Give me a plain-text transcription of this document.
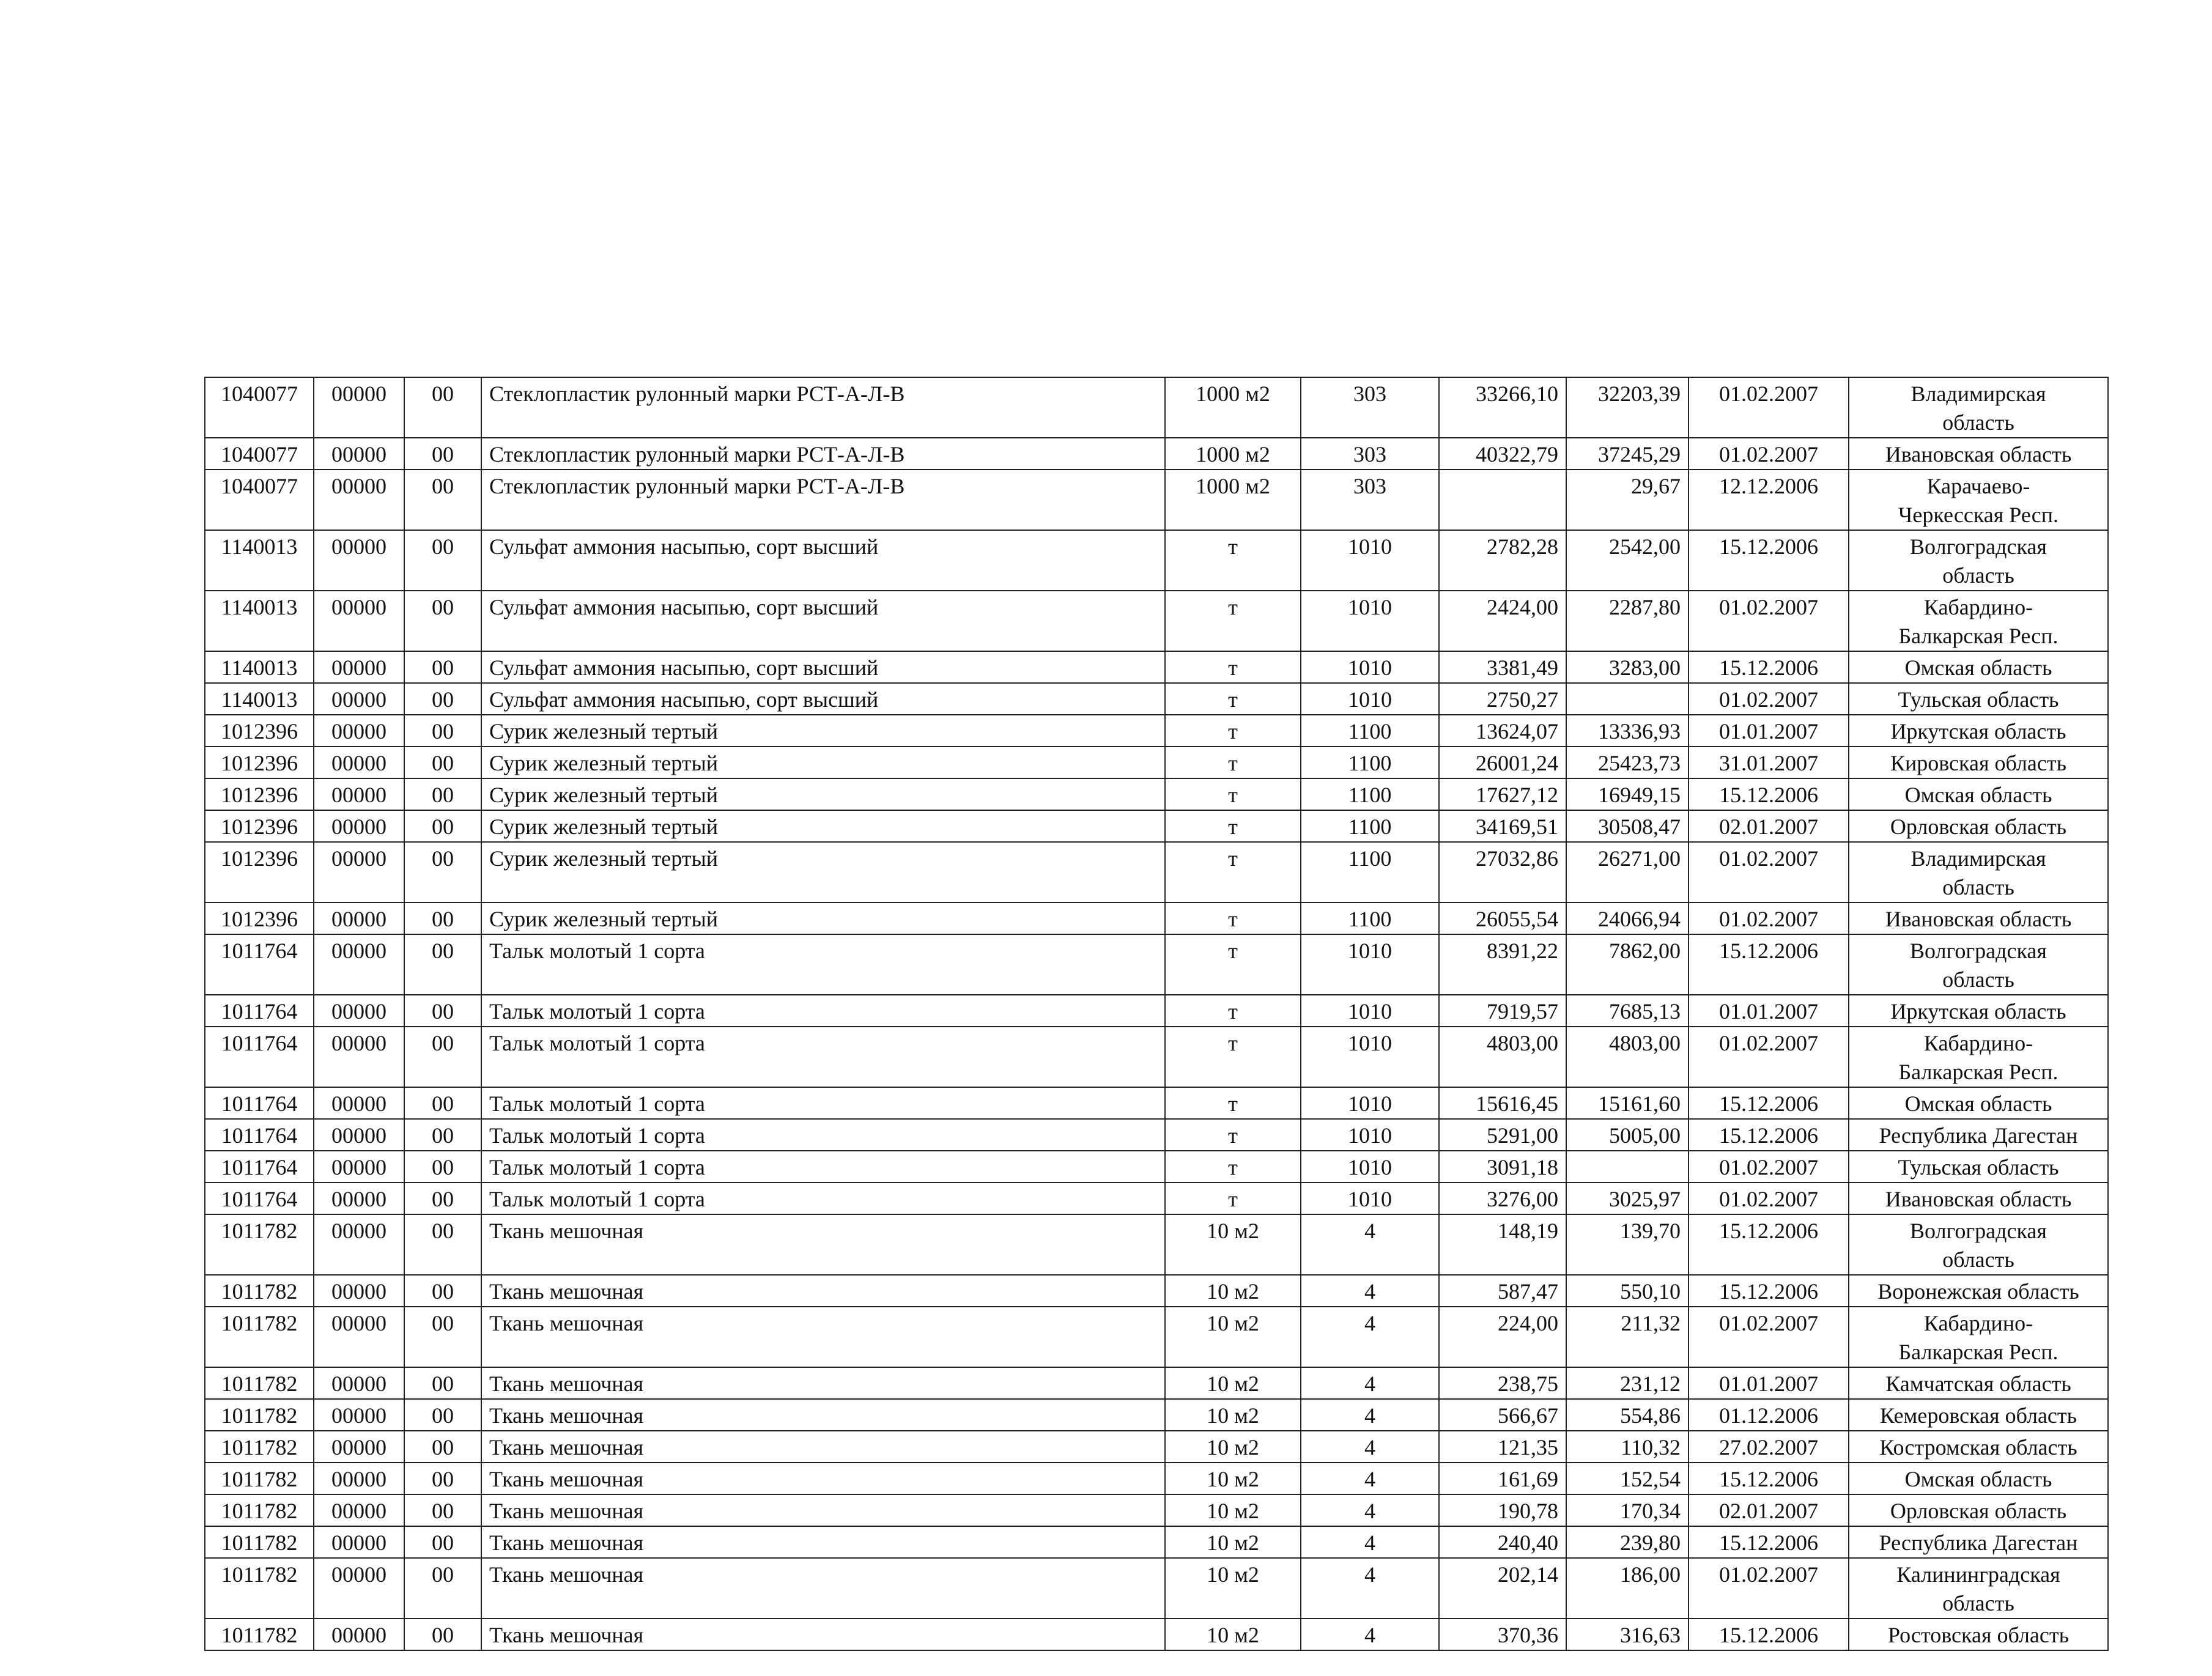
1040077	00000	00	Стеклопластик рулонный марки РСТ-А-Л-В	1000 м2	303	33266,10	32203,39	01.02.2007	Владимирская
область

1040077	00000	00	Стеклопластик рулонный марки РСТ-А-Л-В	1000 м2	303	40322,79	37245,29	01.02.2007	Ивановская область

1040077	00000	00	Стеклопластик рулонный марки РСТ-А-Л-В	1000 м2	303		29,67	12.12.2006	Карачаево-
Черкесская Респ.

1140013	00000	00	Сульфат аммония насыпью, сорт высший	т	1010	2782,28	2542,00	15.12.2006	Волгоградская
область

1140013	00000	00	Сульфат аммония насыпью, сорт высший	т	1010	2424,00	2287,80	01.02.2007	Кабардино-
Балкарская Респ.

1140013	00000	00	Сульфат аммония насыпью, сорт высший	т	1010	3381,49	3283,00	15.12.2006	Омская область

1140013	00000	00	Сульфат аммония насыпью, сорт высший	т	1010	2750,27		01.02.2007	Тульская область

1012396	00000	00	Сурик железный тертый	т	1100	13624,07	13336,93	01.01.2007	Иркутская область

1012396	00000	00	Сурик железный тертый	т	1100	26001,24	25423,73	31.01.2007	Кировская область

1012396	00000	00	Сурик железный тертый	т	1100	17627,12	16949,15	15.12.2006	Омская область

1012396	00000	00	Сурик железный тертый	т	1100	34169,51	30508,47	02.01.2007	Орловская область

1012396	00000	00	Сурик железный тертый	т	1100	27032,86	26271,00	01.02.2007	Владимирская
область

1012396	00000	00	Сурик железный тертый	т	1100	26055,54	24066,94	01.02.2007	Ивановская область

1011764	00000	00	Тальк молотый 1 сорта	т	1010	8391,22	7862,00	15.12.2006	Волгоградская
область

1011764	00000	00	Тальк молотый 1 сорта	т	1010	7919,57	7685,13	01.01.2007	Иркутская область

1011764	00000	00	Тальк молотый 1 сорта	т	1010	4803,00	4803,00	01.02.2007	Кабардино-
Балкарская Респ.

1011764	00000	00	Тальк молотый 1 сорта	т	1010	15616,45	15161,60	15.12.2006	Омская область

1011764	00000	00	Тальк молотый 1 сорта	т	1010	5291,00	5005,00	15.12.2006	Республика Дагестан

1011764	00000	00	Тальк молотый 1 сорта	т	1010	3091,18		01.02.2007	Тульская область

1011764	00000	00	Тальк молотый 1 сорта	т	1010	3276,00	3025,97	01.02.2007	Ивановская область

1011782	00000	00	Ткань мешочная	10 м2	4	148,19	139,70	15.12.2006	Волгоградская
область

1011782	00000	00	Ткань мешочная	10 м2	4	587,47	550,10	15.12.2006	Воронежская область

1011782	00000	00	Ткань мешочная	10 м2	4	224,00	211,32	01.02.2007	Кабардино-
Балкарская Респ.

1011782	00000	00	Ткань мешочная	10 м2	4	238,75	231,12	01.01.2007	Камчатская область

1011782	00000	00	Ткань мешочная	10 м2	4	566,67	554,86	01.12.2006	Кемеровская область

1011782	00000	00	Ткань мешочная	10 м2	4	121,35	110,32	27.02.2007	Костромская область

1011782	00000	00	Ткань мешочная	10 м2	4	161,69	152,54	15.12.2006	Омская область

1011782	00000	00	Ткань мешочная	10 м2	4	190,78	170,34	02.01.2007	Орловская область

1011782	00000	00	Ткань мешочная	10 м2	4	240,40	239,80	15.12.2006	Республика Дагестан

1011782	00000	00	Ткань мешочная	10 м2	4	202,14	186,00	01.02.2007	Калининградская
область

1011782	00000	00	Ткань мешочная	10 м2	4	370,36	316,63	15.12.2006	Ростовская область
